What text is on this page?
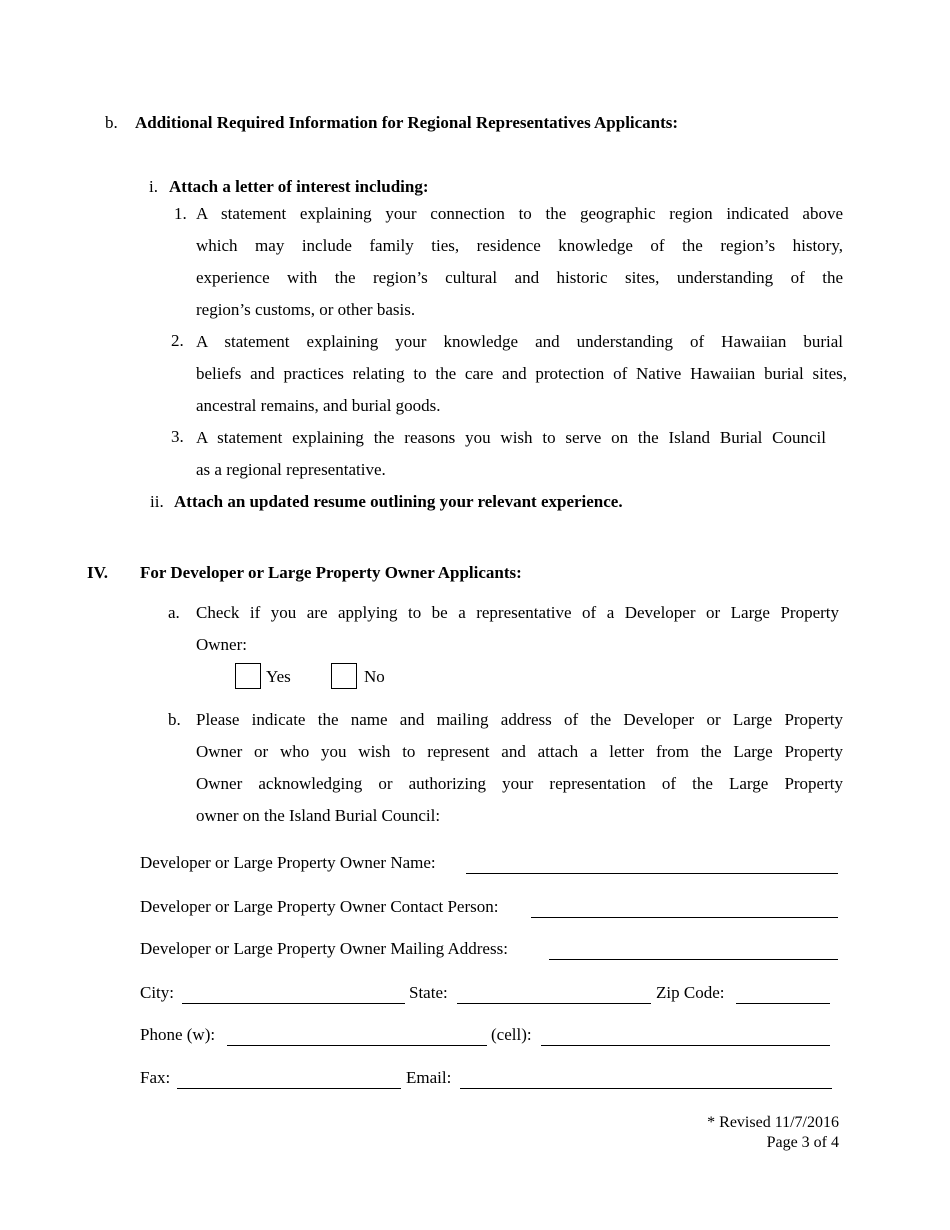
b. Additional Required Information for Regional Representatives Applicants:
i. Attach a letter of interest including:
1. A statement explaining your connection to the geographic region indicated above
which may include family ties, residence knowledge of the region’s history,
experience with the region’s cultural and historic sites, understanding of the
region’s customs, or other basis.
2. A statement explaining your knowledge and understanding of Hawaiian burial
beliefs and practices relating to the care and protection of Native Hawaiian burial sites,
ancestral remains, and burial goods.
3. A statement explaining the reasons you wish to serve on the Island Burial Council
as a regional representative.
ii. Attach an updated resume outlining your relevant experience.
IV. For Developer or Large Property Owner Applicants:
a. Check if you are applying to be a representative of a Developer or Large Property
Owner:
Yes	No
b. Please indicate the name and mailing address of the Developer or Large Property
Owner or who you wish to represent and attach a letter from the Large Property
Owner acknowledging or authorizing your representation of the Large Property
owner on the Island Burial Council:
Developer or Large Property Owner Name:
Developer or Large Property Owner Contact Person:
Developer or Large Property Owner Mailing Address:
City:	State:	Zip Code:
Phone (w):	(cell):
Fax:	Email:
* Revised 11/7/2016
Page 3 of 4
